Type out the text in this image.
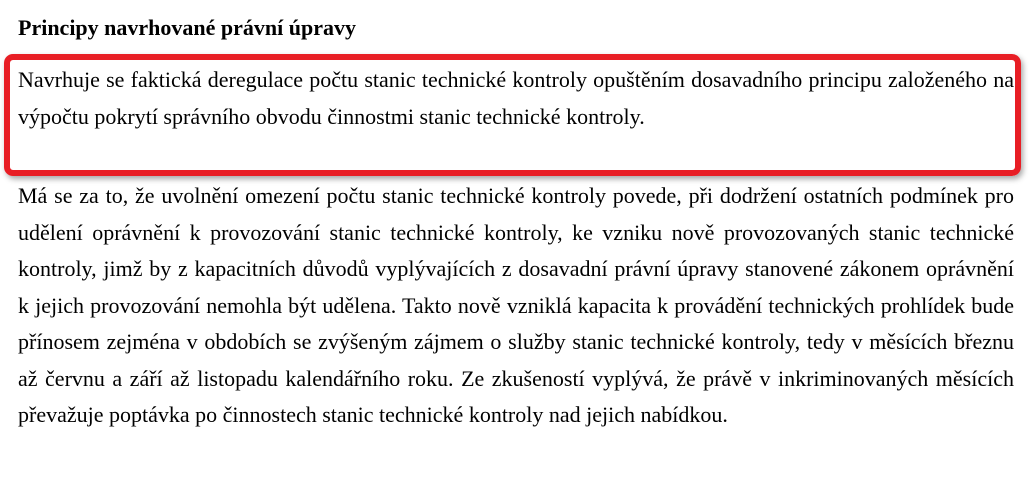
Principy navrhované právní úpravy

Navrhuje se faktická deregulace počtu stanic technické kontroly opuštěním dosavadního principu založeného na výpočtu pokrytí správního obvodu činnostmi stanic technické kontroly.

Má se za to, že uvolnění omezení počtu stanic technické kontroly povede, při dodržení ostatních podmínek pro udělení oprávnění k provozování stanic technické kontroly, ke vzniku nově provozovaných stanic technické kontroly, jimž by z kapacitních důvodů vyplývajících z dosavadní právní úpravy stanovené zákonem oprávnění k jejich provozování nemohla být udělena. Takto nově vzniklá kapacita k provádění technických prohlídek bude přínosem zejména v obdobích se zvýšeným zájmem o služby stanic technické kontroly, tedy v měsících březnu až červnu a září až listopadu kalendářního roku. Ze zkušeností vyplývá, že právě v inkriminovaných měsících převažuje poptávka po činnostech stanic technické kontroly nad jejich nabídkou.
